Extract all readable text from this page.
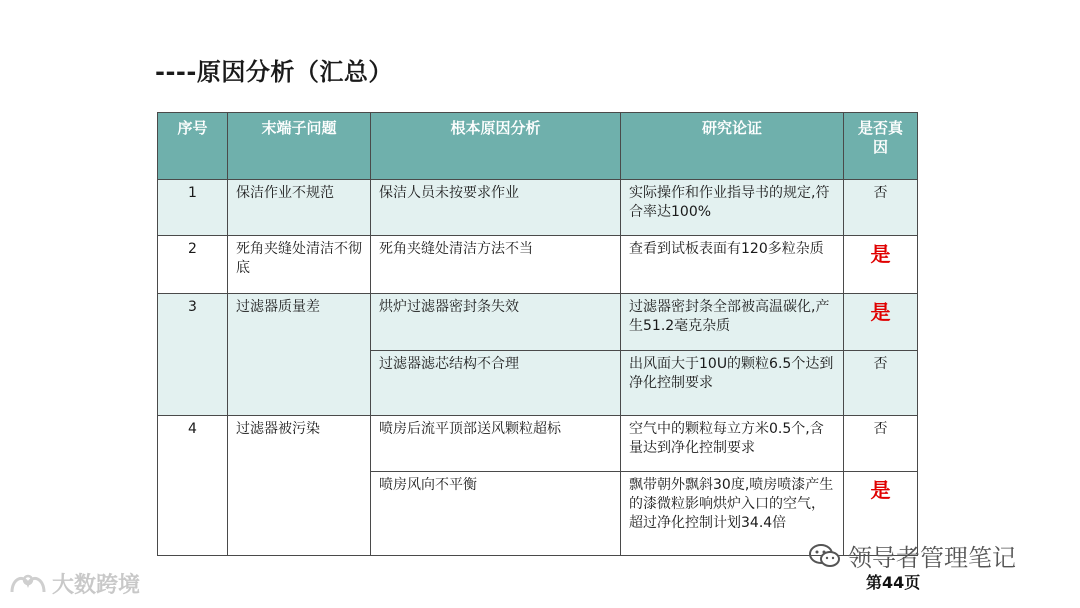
----原因分析（汇总）
序号	末端子问题	根本原因分析	研究论证	是否真因
1	保洁作业不规范	保洁人员未按要求作业	实际操作和作业指导书的规定,符合率达100%	否
2	死角夹缝处清洁不彻底	死角夹缝处清洁方法不当	查看到试板表面有120多粒杂质	是
3	过滤器质量差	烘炉过滤器密封条失效	过滤器密封条全部被高温碳化,产生51.2毫克杂质	是
		过滤器滤芯结构不合理	出风面大于10U的颗粒6.5个达到净化控制要求	否
4	过滤器被污染	喷房后流平顶部送风颗粒超标	空气中的颗粒每立方米0.5个,含量达到净化控制要求	否
		喷房风向不平衡	飘带朝外飘斜30度,喷房喷漆产生的漆微粒影响烘炉入口的空气，超过净化控制计划34.4倍	是
领导者管理笔记
第44页
大数跨境
